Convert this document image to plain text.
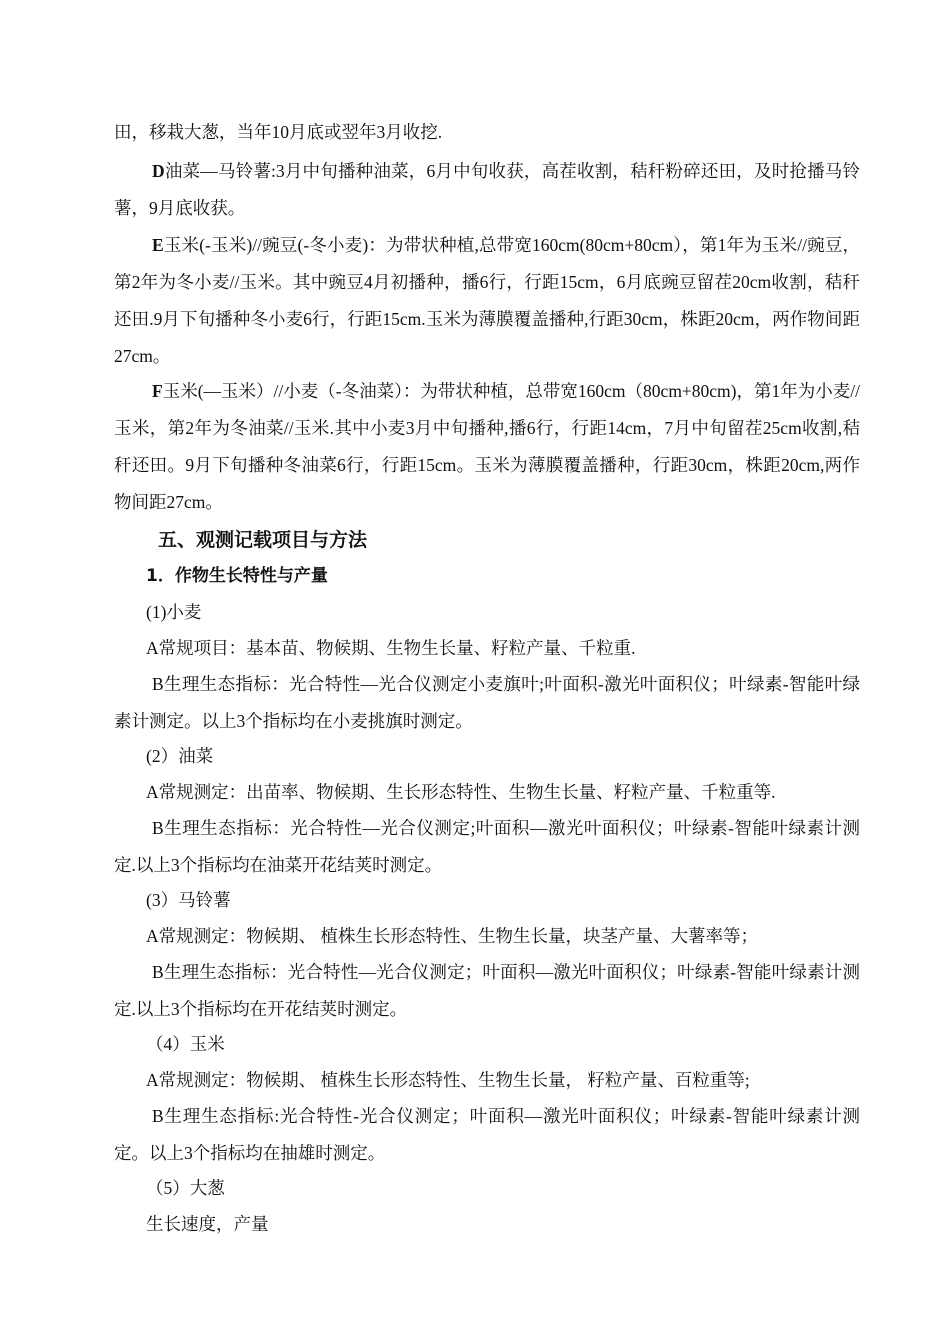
田，移栽大葱，当年10月底或翌年3月收挖.
D油菜—马铃薯:3月中旬播种油菜，6月中旬收获，高茬收割，秸秆粉碎还田，及时抢播马铃薯，9月底收获。
E玉米(-玉米)//豌豆(-冬小麦)：为带状种植,总带宽160cm(80cm+80cm），第1年为玉米//豌豆，第2年为冬小麦//玉米。其中豌豆4月初播种，播6行，行距15cm，6月底豌豆留茬20cm收割，秸秆还田.9月下旬播种冬小麦6行，行距15cm.玉米为薄膜覆盖播种,行距30cm，株距20cm，两作物间距27cm。
F玉米(—玉米）//小麦（-冬油菜）：为带状种植，总带宽160cm（80cm+80cm)，第1年为小麦//玉米，第2年为冬油菜//玉米.其中小麦3月中旬播种,播6行，行距14cm，7月中旬留茬25cm收割,秸秆还田。9月下旬播种冬油菜6行，行距15cm。玉米为薄膜覆盖播种，行距30cm，株距20cm,两作物间距27cm。
五、观测记载项目与方法
1．作物生长特性与产量
(1)小麦
A常规项目：基本苗、物候期、生物生长量、籽粒产量、千粒重.
B生理生态指标：光合特性—光合仪测定小麦旗叶;叶面积-激光叶面积仪；叶绿素-智能叶绿素计测定。以上3个指标均在小麦挑旗时测定。
(2）油菜
A常规测定：出苗率、物候期、生长形态特性、生物生长量、籽粒产量、千粒重等.
B生理生态指标：光合特性—光合仪测定;叶面积—激光叶面积仪；叶绿素-智能叶绿素计测定.以上3个指标均在油菜开花结荚时测定。
(3）马铃薯
A常规测定：物候期、 植株生长形态特性、生物生长量，块茎产量、大薯率等；
B生理生态指标：光合特性—光合仪测定；叶面积—激光叶面积仪；叶绿素-智能叶绿素计测定.以上3个指标均在开花结荚时测定。
（4）玉米
A常规测定：物候期、 植株生长形态特性、生物生长量， 籽粒产量、百粒重等;
B生理生态指标:光合特性-光合仪测定；叶面积—激光叶面积仪；叶绿素-智能叶绿素计测定。以上3个指标均在抽雄时测定。
（5）大葱
生长速度，产量
